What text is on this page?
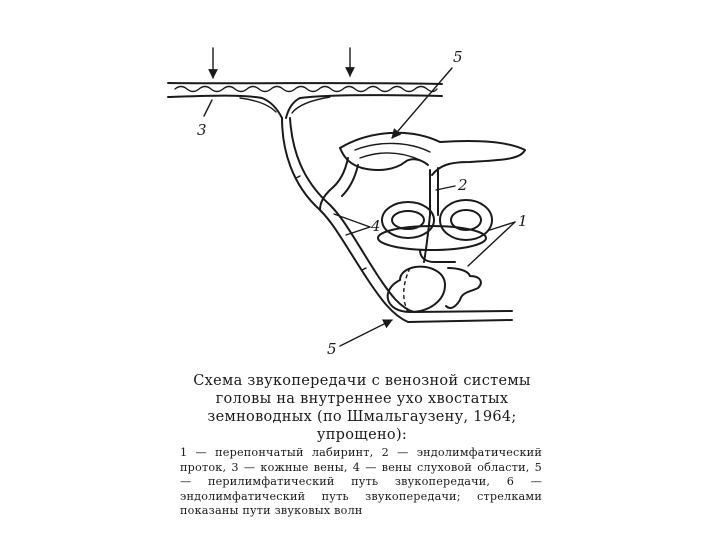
3
5
2
4	1
5
Схема звукопередачи с венозной системы головы на внутреннее ухо хвостатых земноводных (по Шмальгаузену, 1964; упрощено):
1 — перепончатый лабиринт, 2 — эндолимфатический проток, 3 — кожные вены, 4 — вены слуховой области, 5 — перилимфатический путь звукопередачи, 6 — эндолимфатический путь звукопередачи; стрелками показаны пути звуковых волн
